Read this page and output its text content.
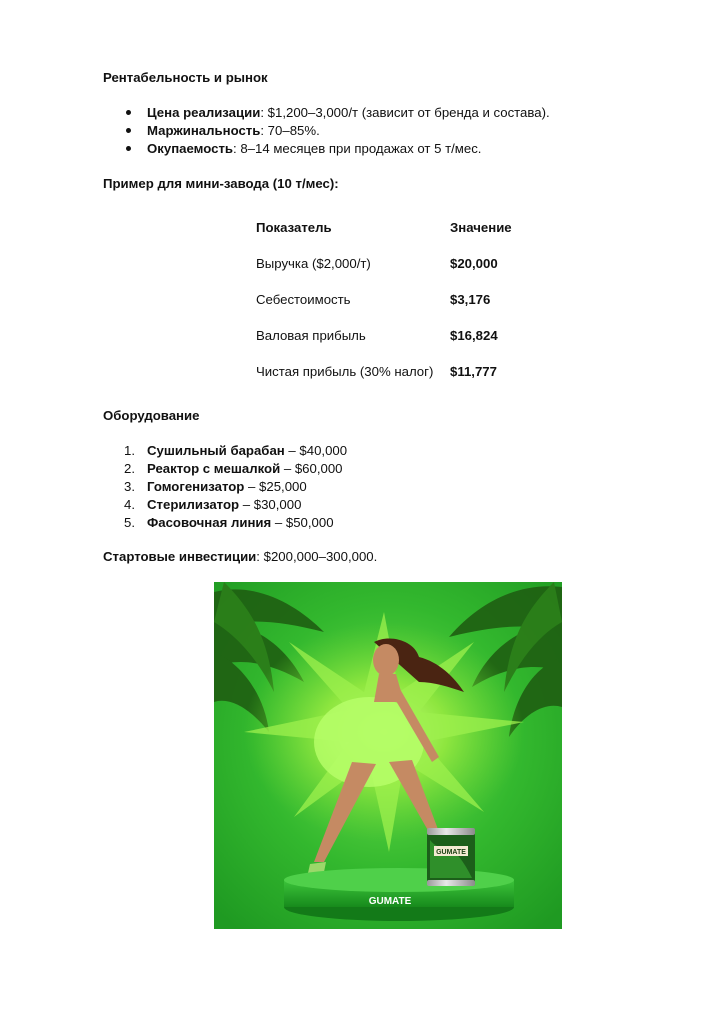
Рентабельность и рынок
Цена реализации: $1,200–3,000/т (зависит от бренда и состава).
Маржинальность: 70–85%.
Окупаемость: 8–14 месяцев при продажах от 5 т/мес.
Пример для мини-завода (10 т/мес):
Показатель	Значение
Выручка ($2,000/т)	$20,000
Себестоимость	$3,176
Валовая прибыль	$16,824
Чистая прибыль (30% налог) $11,777
Оборудование
1. Сушильный барабан – $40,000
2. Реактор с мешалкой – $60,000
3. Гомогенизатор – $25,000
4. Стерилизатор – $30,000
5. Фасовочная линия – $50,000
Стартовые инвестиции: $200,000–300,000.
GUMATE
GUMATE
